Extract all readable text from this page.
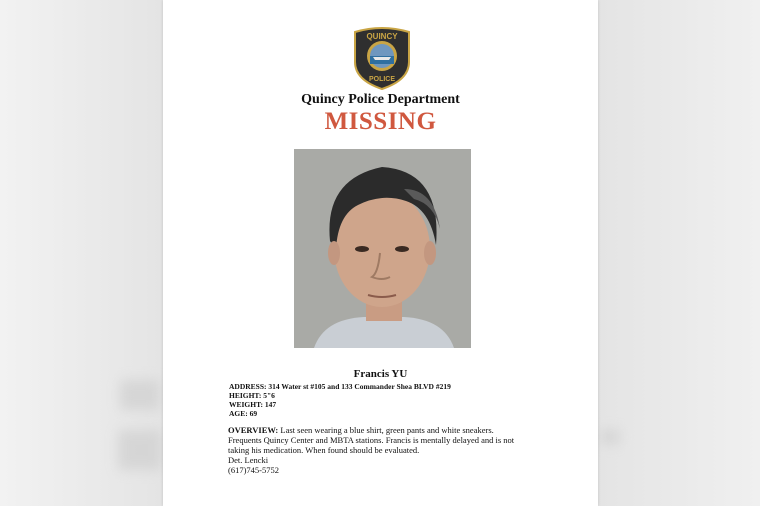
QUINCY
POLICE
Quincy Police Department
MISSING
Francis YU
ADDRESS: 314 Water st #105 and 133 Commander Shea BLVD #219
HEIGHT: 5"6
WEIGHT: 147
AGE: 69
OVERVIEW: Last seen wearing a blue shirt, green pants and white sneakers.
Frequents Quincy Center and MBTA stations. Francis is mentally delayed and is not
taking his medication. When found should be evaluated.
Det. Lencki
(617)745-5752
